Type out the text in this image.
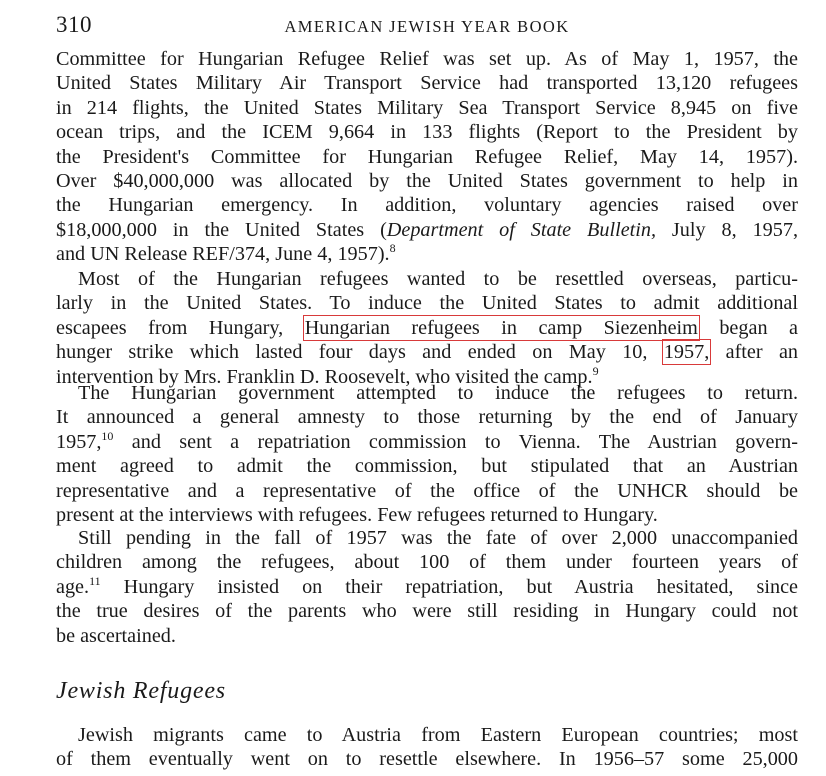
310	AMERICAN JEWISH YEAR BOOK
Committee for Hungarian Refugee Relief was set up. As of May 1, 1957, the
United States Military Air Transport Service had transported 13,120 refugees
in 214 flights, the United States Military Sea Transport Service 8,945 on five
ocean trips, and the ICEM 9,664 in 133 flights (Report to the President by
the President's Committee for Hungarian Refugee Relief, May 14, 1957).
Over $40,000,000 was allocated by the United States government to help in
the Hungarian emergency. In addition, voluntary agencies raised over
$18,000,000 in the United States (Department of State Bulletin, July 8, 1957,
and UN Release REF/374, June 4, 1957).$^8$
Most of the Hungarian refugees wanted to be resettled overseas, particu-
larly in the United States. To induce the United States to admit additional
escapees from Hungary, Hungarian refugees in camp Siezenheim began a
hunger strike which lasted four days and ended on May 10, 1957, after an
intervention by Mrs. Franklin D. Roosevelt, who visited the camp.$^9$
The Hungarian government attempted to induce the refugees to return.
It announced a general amnesty to those returning by the end of January
1957,10 and sent a repatriation commission to Vienna. The Austrian govern-
ment agreed to admit the commission, but stipulated that an Austrian
representative and a representative of the office of the UNHCR should be
present at the interviews with refugees. Few refugees returned to Hungary.
Still pending in the fall of 1957 was the fate of over 2,000 unaccompanied
children among the refugees, about 100 of them under fourteen years of
age.$^{11}$ Hungary insisted on their repatriation, but Austria hesitated, since
the true desires of the parents who were still residing in Hungary could not
be ascertained.
Jewish Refugees
Jewish migrants came to Austria from Eastern European countries; most
of them eventually went on to resettle elsewhere. In 1956–57 some 25,000
